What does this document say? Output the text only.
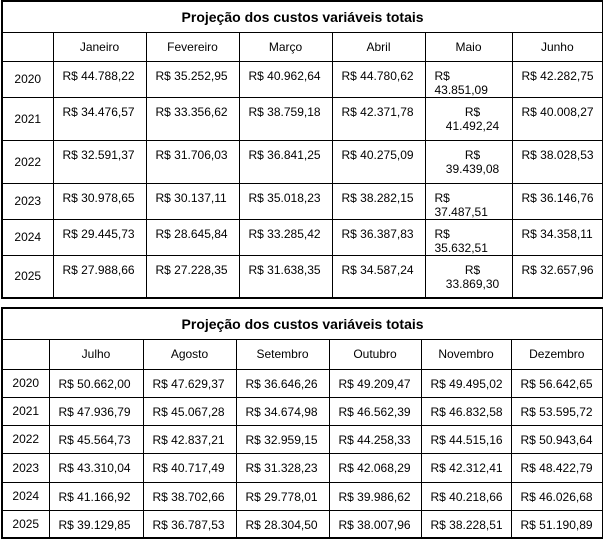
Projeção dos custos variáveis totais						
	Janeiro	Fevereiro	Março	Abril	Maio	Junho
2020	R$ 44.788,22	R$ 35.252,95	R$ 40.962,64	R$ 44.780,62	R$ 43.851,09	R$ 42.282,75
2021	R$ 34.476,57	R$ 33.356,62	R$ 38.759,18	R$ 42.371,78	R$ 41.492,24	R$ 40.008,27
2022	R$ 32.591,37	R$ 31.706,03	R$ 36.841,25	R$ 40.275,09	R$ 39.439,08	R$ 38.028,53
2023	R$ 30.978,65	R$ 30.137,11	R$ 35.018,23	R$ 38.282,15	R$ 37.487,51	R$ 36.146,76
2024	R$ 29.445,73	R$ 28.645,84	R$ 33.285,42	R$ 36.387,83	R$ 35.632,51	R$ 34.358,11
2025	R$ 27.988,66	R$ 27.228,35	R$ 31.638,35	R$ 34.587,24	R$ 33.869,30	R$ 32.657,96
Projeção dos custos variáveis totais						
	Julho	Agosto	Setembro	Outubro	Novembro	Dezembro
2020	R$ 50.662,00	R$ 47.629,37	R$ 36.646,26	R$ 49.209,47	R$ 49.495,02	R$ 56.642,65
2021	R$ 47.936,79	R$ 45.067,28	R$ 34.674,98	R$ 46.562,39	R$ 46.832,58	R$ 53.595,72
2022	R$ 45.564,73	R$ 42.837,21	R$ 32.959,15	R$ 44.258,33	R$ 44.515,16	R$ 50.943,64
2023	R$ 43.310,04	R$ 40.717,49	R$ 31.328,23	R$ 42.068,29	R$ 42.312,41	R$ 48.422,79
2024	R$ 41.166,92	R$ 38.702,66	R$ 29.778,01	R$ 39.986,62	R$ 40.218,66	R$ 46.026,68
2025	R$ 39.129,85	R$ 36.787,53	R$ 28.304,50	R$ 38.007,96	R$ 38.228,51	R$ 51.190,89
